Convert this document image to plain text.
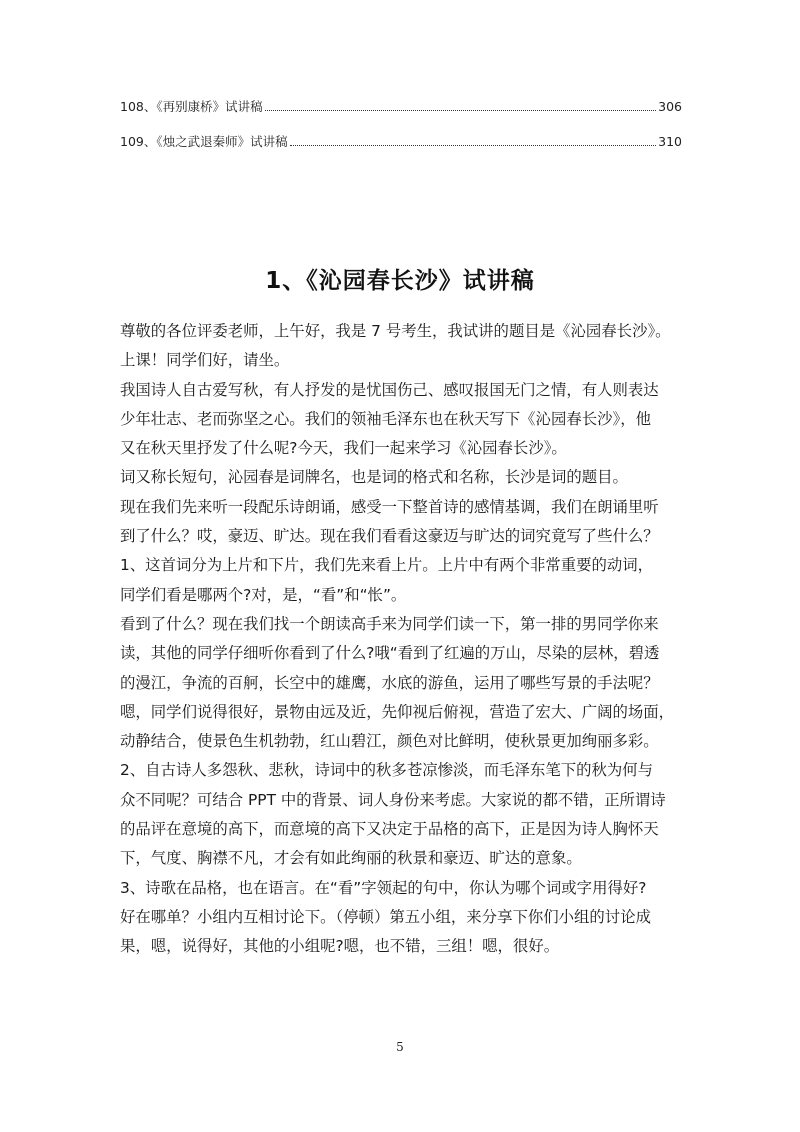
108、《再别康桥》试讲稿	306
109、《烛之武退秦师》试讲稿	310
1、《沁园春长沙》试讲稿
尊敬的各位评委老师，上午好，我是 7 号考生，我试讲的题目是《沁园春长沙》。
上课！同学们好，请坐。
我国诗人自古爱写秋，有人抒发的是忧国伤己、感叹报国无门之情，有人则表达
少年壮志、老而弥坚之心。我们的领袖毛泽东也在秋天写下《沁园春长沙》，他
又在秋天里抒发了什么呢?今天，我们一起来学习《沁园春长沙》。
词又称长短句，沁园春是词牌名，也是词的格式和名称，长沙是词的题目。
现在我们先来听一段配乐诗朗诵，感受一下整首诗的感情基调，我们在朗诵里听
到了什么？哎，豪迈、旷达。现在我们看看这豪迈与旷达的词究竟写了些什么？
1、这首词分为上片和下片，我们先来看上片。上片中有两个非常重要的动词，
同学们看是哪两个?对，是，“看”和“怅”。
看到了什么？现在我们找一个朗读高手来为同学们读一下，第一排的男同学你来
读，其他的同学仔细听你看到了什么?哦“看到了红遍的万山，尽染的层林，碧透
的漫江，争流的百舸，长空中的雄鹰，水底的游鱼，运用了哪些写景的手法呢？
嗯，同学们说得很好，景物由远及近，先仰视后俯视，营造了宏大、广阔的场面，
动静结合，使景色生机勃勃，红山碧江，颜色对比鲜明，使秋景更加绚丽多彩。
2、自古诗人多怨秋、悲秋，诗词中的秋多苍凉惨淡，而毛泽东笔下的秋为何与
众不同呢？可结合 PPT 中的背景、词人身份来考虑。大家说的都不错，正所谓诗
的品评在意境的高下，而意境的高下又决定于品格的高下，正是因为诗人胸怀天
下，气度、胸襟不凡，才会有如此绚丽的秋景和豪迈、旷达的意象。
3、诗歌在品格，也在语言。在“看”字领起的句中，你认为哪个词或字用得好?
好在哪单？小组内互相讨论下。（停顿）第五小组，来分享下你们小组的讨论成
果，嗯，说得好，其他的小组呢?嗯，也不错，三组！嗯，很好。
5
